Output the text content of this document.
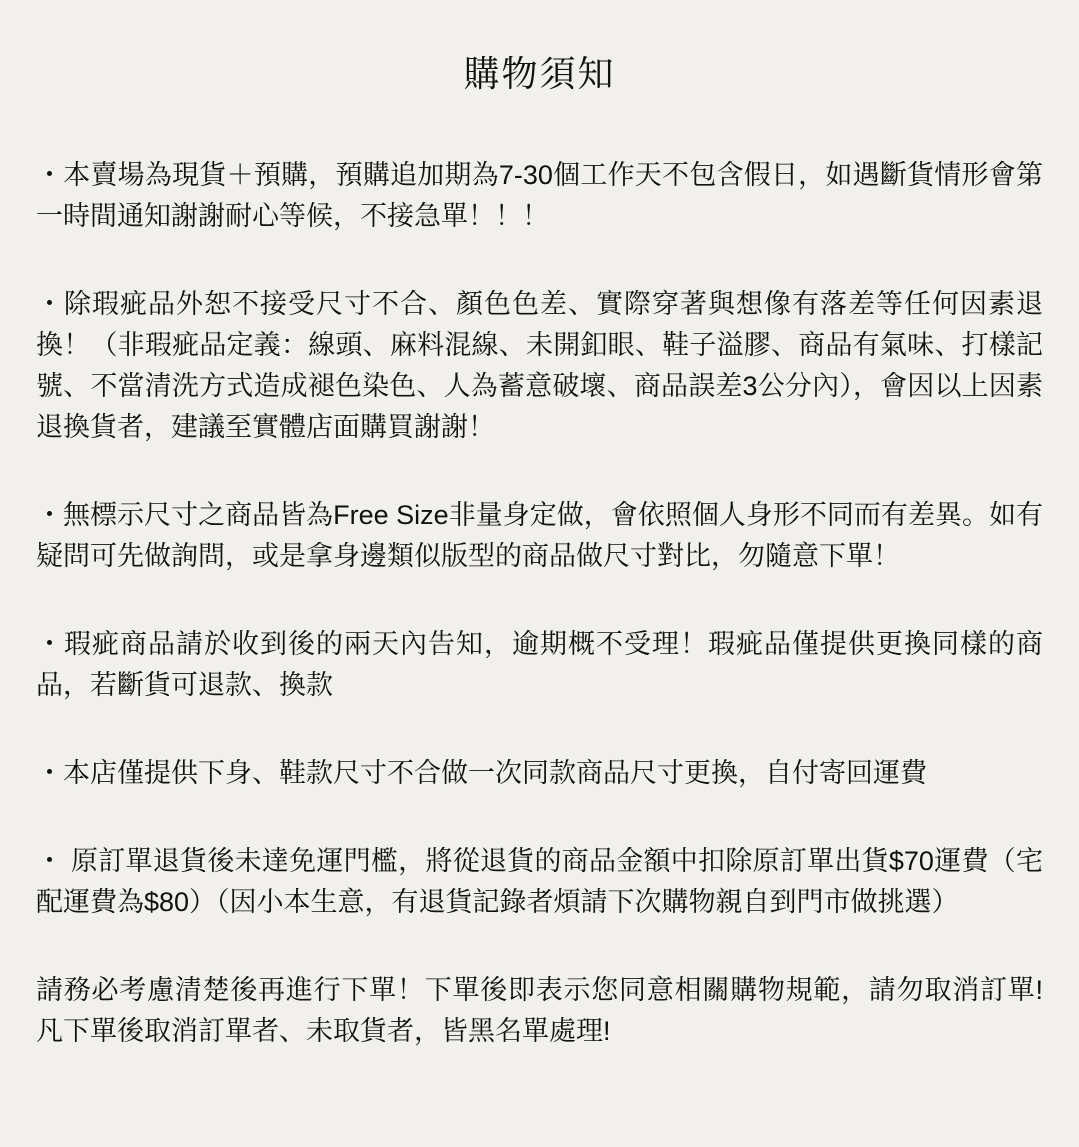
購物須知

・本賣場為現貨＋預購，預購追加期為7-30個工作天不包含假日，如遇斷貨情形會第一時間通知謝謝耐心等候，不接急單！！！

・除瑕疵品外恕不接受尺寸不合、顏色色差、實際穿著與想像有落差等任何因素退換！（非瑕疵品定義：線頭、麻料混線、未開釦眼、鞋子溢膠、商品有氣味、打樣記號、不當清洗方式造成褪色染色、人為蓄意破壞、商品誤差3公分內），會因以上因素退換貨者，建議至實體店面購買謝謝！

・無標示尺寸之商品皆為Free Size非量身定做，會依照個人身形不同而有差異。如有疑問可先做詢問，或是拿身邊類似版型的商品做尺寸對比，勿隨意下單！

・瑕疵商品請於收到後的兩天內告知，逾期概不受理！瑕疵品僅提供更換同樣的商品，若斷貨可退款、換款

・本店僅提供下身、鞋款尺寸不合做一次同款商品尺寸更換，自付寄回運費

・ 原訂單退貨後未達免運門檻，將從退貨的商品金額中扣除原訂單出貨$70運費（宅配運費為$80）（因小本生意，有退貨記錄者煩請下次購物親自到門市做挑選）

請務必考慮清楚後再進行下單！下單後即表示您同意相關購物規範，請勿取消訂單! 凡下單後取消訂單者、未取貨者，皆黑名單處理!
